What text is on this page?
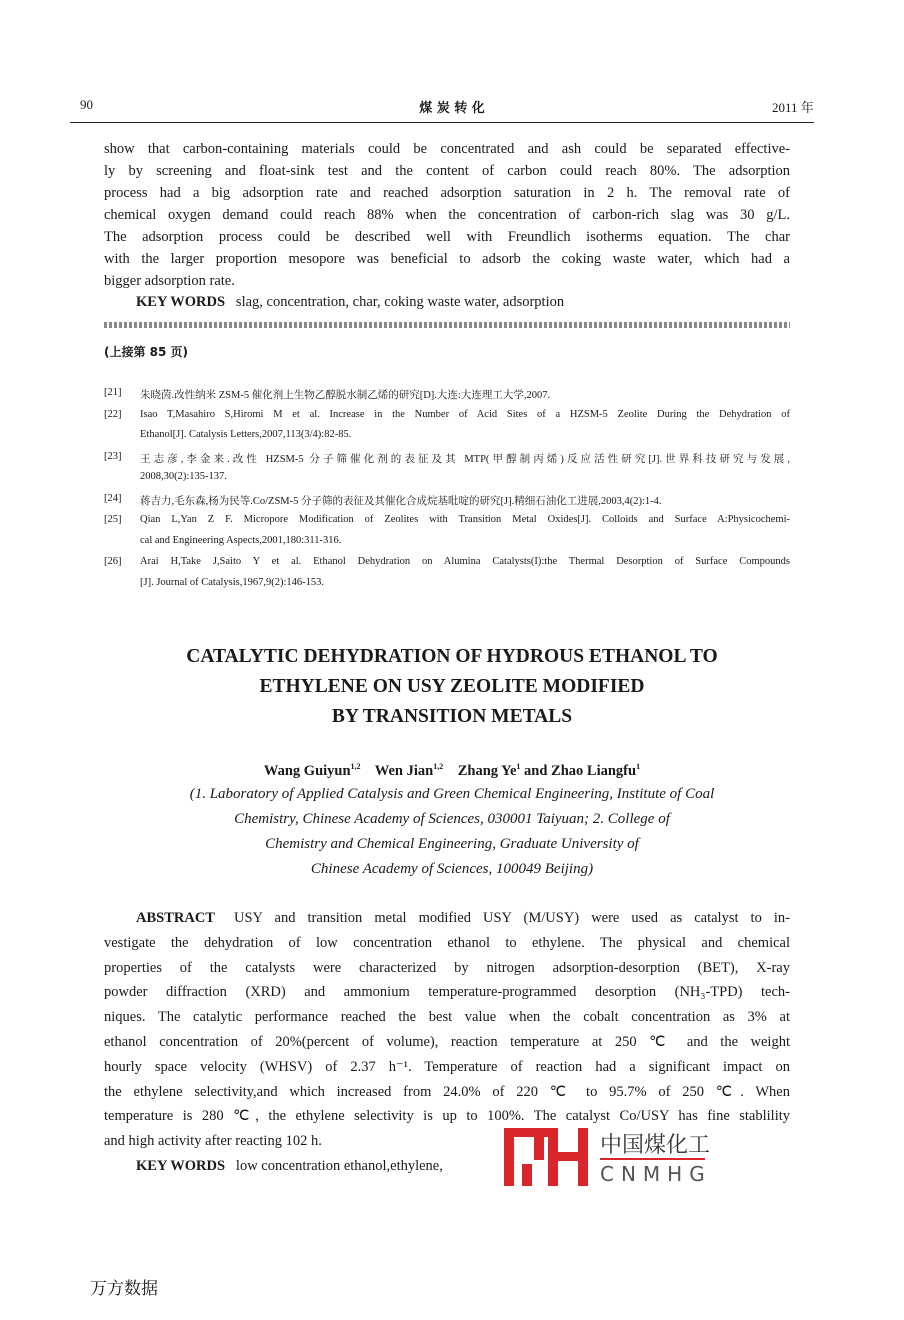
90	煤 炭 转 化	2011 年
show that carbon-containing materials could be concentrated and ash could be separated effective-
ly by screening and float-sink test and the content of carbon could reach 80%. The adsorption
process had a big adsorption rate and reached adsorption saturation in 2 h. The removal rate of
chemical oxygen demand could reach 88% when the concentration of carbon-rich slag was 30 g/L.
The adsorption process could be described well with Freundlich isotherms equation. The char
with the larger proportion mesopore was beneficial to adsorb the coking waste water, which had a
bigger adsorption rate.
KEY WORDS slag, concentration, char, coking waste water, adsorption
(上接第 85 页)
[21] 朱晓茵.改性纳米 ZSM-5 催化剂上生物乙醇脱水制乙烯的研究[D].大连:大连理工大学,2007.
[22] Isao T,Masahiro S,Hiromi M et al. Increase in the Number of Acid Sites of a HZSM-5 Zeolite During the Dehydration of
Ethanol[J]. Catalysis Letters,2007,113(3/4):82-85.
[23] 王志彦,李金来.改性 HZSM-5 分子筛催化剂的表征及其 MTP(甲醇制丙烯)反应活性研究[J].世界科技研究与发展,
2008,30(2):135-137.
[24] 蒋吉力,毛东森,杨为民等.Co/ZSM-5 分子筛的表征及其催化合成烷基吡啶的研究[J].精细石油化工进展,2003,4(2):1-4.
[25] Qian L,Yan Z F. Micropore Modification of Zeolites with Transition Metal Oxides[J]. Colloids and Surface A:Physicochemi-
cal and Engineering Aspects,2001,180:311-316.
[26] Arai H,Take J,Saito Y et al. Ethanol Dehydration on Alumina Catalysts(I):the Thermal Desorption of Surface Compounds
[J]. Journal of Catalysis,1967,9(2):146-153.
CATALYTIC DEHYDRATION OF HYDROUS ETHANOL TO
ETHYLENE ON USY ZEOLITE MODIFIED
BY TRANSITION METALS
Wang Guiyun$^{1,2}$ Wen Jian$^{1,2}$ Zhang Ye$^1$ and Zhao Liangfu$^1$
(1. Laboratory of Applied Catalysis and Green Chemical Engineering, Institute of Coal
Chemistry, Chinese Academy of Sciences, 030001 Taiyuan; 2. College of
Chemistry and Chemical Engineering, Graduate University of
Chinese Academy of Sciences, 100049 Beijing)
ABSTRACT USY and transition metal modified USY (M/USY) were used as catalyst to in-
vestigate the dehydration of low concentration ethanol to ethylene. The physical and chemical
properties of the catalysts were characterized by nitrogen adsorption-desorption (BET), X-ray
powder diffraction (XRD) and ammonium temperature-programmed desorption (NH₃-TPD) tech-
niques. The catalytic performance reached the best value when the cobalt concentration as 3% at
ethanol concentration of 20%(percent of volume), reaction temperature at 250 ℃ and the weight
hourly space velocity (WHSV) of 2.37 h⁻¹. Temperature of reaction had a significant impact on
the ethylene selectivity,and which increased from 24.0% of 220 ℃ to 95.7% of 250 ℃. When
temperature is 280 ℃, the ethylene selectivity is up to 100%. The catalyst Co/USY has fine stablility
and high activity after reacting 102 h.
KEY WORDS low concentration ethanol,ethylene,
中国煤化工
CNMHG
万方数据
